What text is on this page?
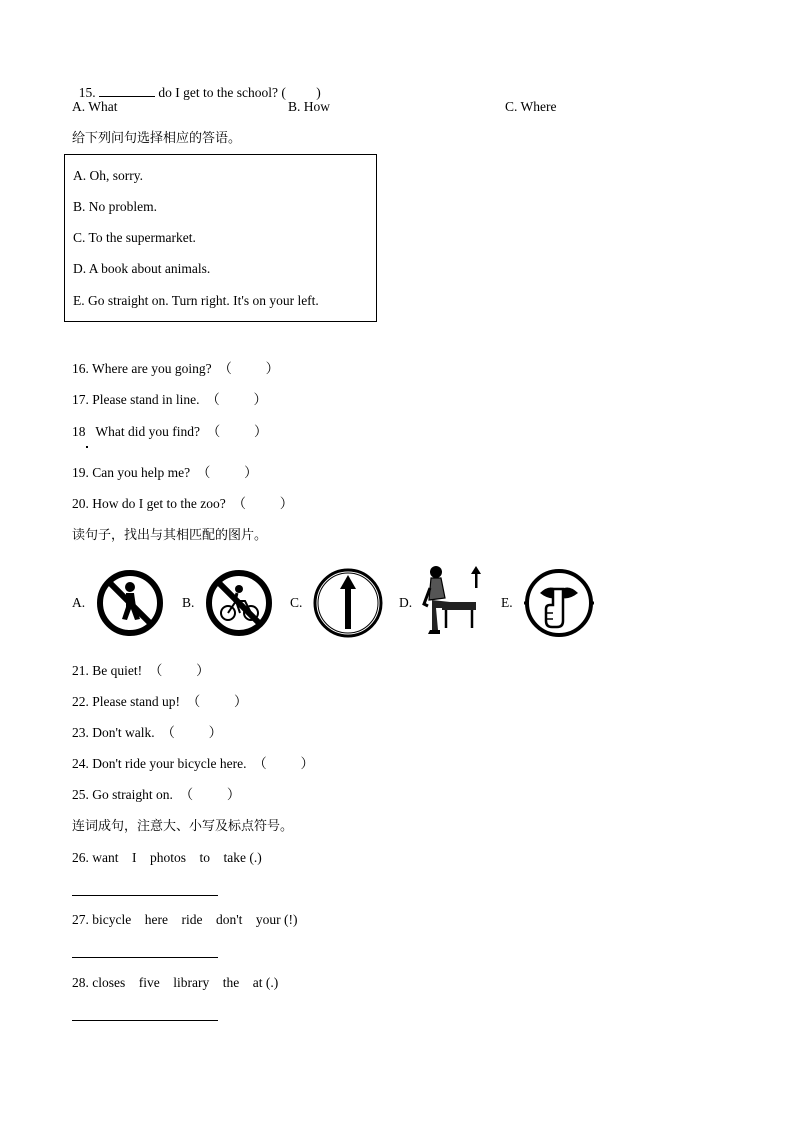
15.	do I get to the school? (         )

A. What	B. How	C. Where
给下列问句选择相应的答语。
A. Oh, sorry.
B. No problem.
C. To the supermarket.
D. A book about animals.
E. Go straight on. Turn right. It's on your left.
16. Where are you going?  （          ）
17. Please stand in line.  （          ）
18   What did you find?  （          ）
19. Can you help me?  （          ）
20. How do I get to the zoo?  （          ）
读句子，找出与其相匹配的图片。
A.	B.	C.	D.	E.
21. Be quiet!  （          ）
22. Please stand up!  （          ）
23. Don't walk.  （          ）
24. Don't ride your bicycle here.  （          ）
25. Go straight on.  （          ）
连词成句，注意大、小写及标点符号。
26. want    I    photos    to    take (.)
27. bicycle    here    ride    don't    your (!)
28. closes    five    library    the    at (.)
